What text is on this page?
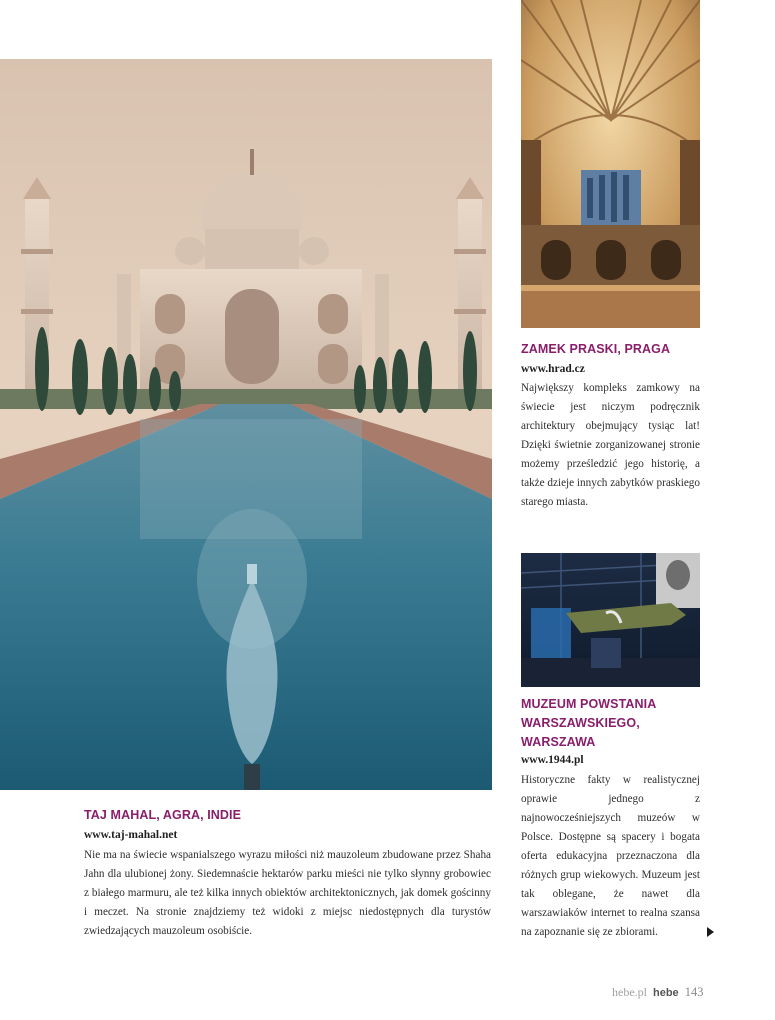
ZAMEK PRASKI, PRAGA
www.hrad.cz
Największy kompleks zamkowy na świecie jest niczym podręcznik architektury obejmujący tysiąc lat! Dzięki świetnie zorganizowanej stronie możemy prześledzić jego historię, a także dzieje innych zabytków praskiego starego miasta.
MUZEUM POWSTANIA WARSZAWSKIEGO, WARSZAWA
www.1944.pl
Historyczne fakty w realistycznej oprawie jednego z najnowocześniejszych muzeów w Polsce. Dostępne są spacery i bogata oferta edukacyjna przeznaczona dla różnych grup wiekowych. Muzeum jest tak oblegane, że nawet dla warszawiaków internet to realna szansa na zapoznanie się ze zbiorami.
TAJ MAHAL, AGRA, INDIE
www.taj-mahal.net
Nie ma na świecie wspanialszego wyrazu miłości niż mauzoleum zbudowane przez Shaha Jahn dla ulubionej żony. Siedemnaście hektarów parku mieści nie tylko słynny grobowiec z białego marmuru, ale też kilka innych obiektów architektonicznych, jak domek gościnny i meczet. Na stronie znajdziemy też widoki z miejsc niedostępnych dla turystów zwiedzających mauzoleum osobiście.
hebe.pl hebe 143
